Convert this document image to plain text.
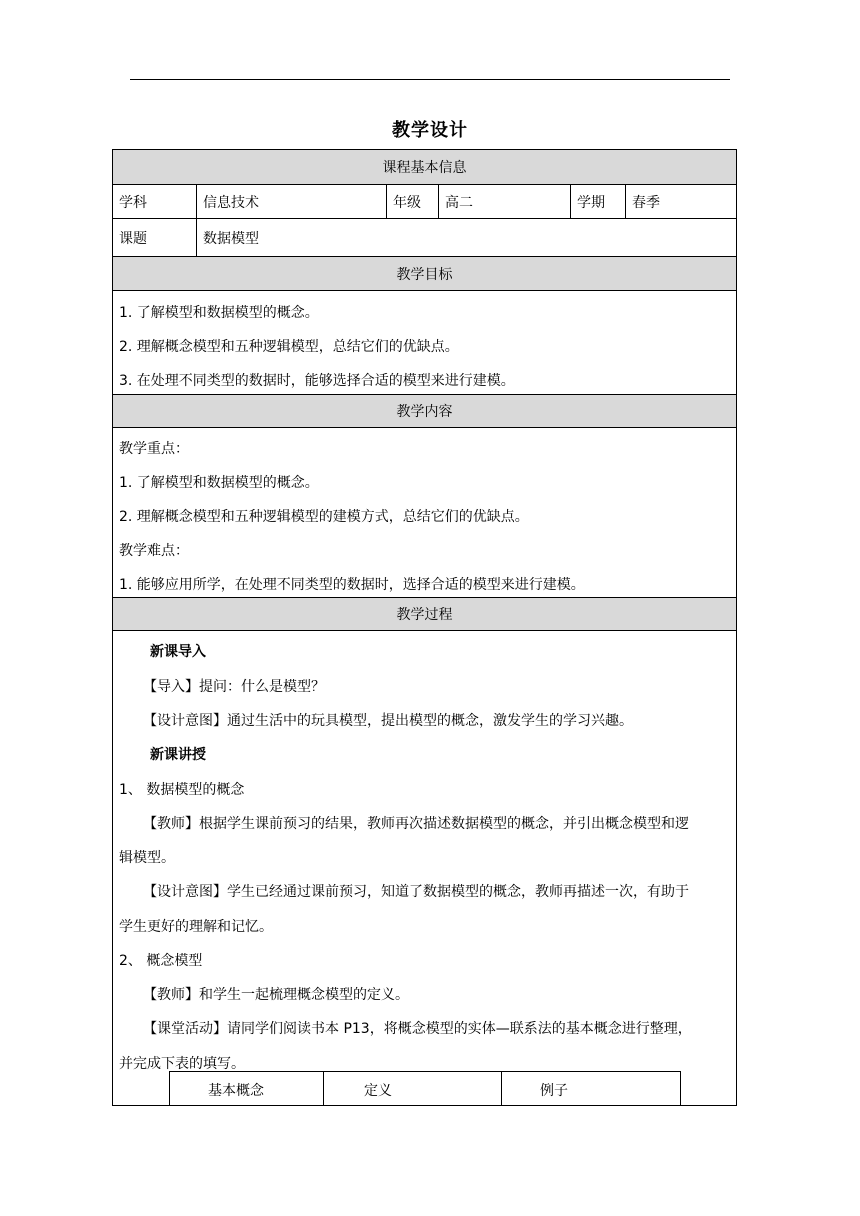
教学设计
课程基本信息
学科	信息技术	年级	高二	学期	春季
课题	数据模型
教学目标
1. 了解模型和数据模型的概念。
2. 理解概念模型和五种逻辑模型，总结它们的优缺点。
3. 在处理不同类型的数据时，能够选择合适的模型来进行建模。
教学内容
教学重点：
1. 了解模型和数据模型的概念。
2. 理解概念模型和五种逻辑模型的建模方式，总结它们的优缺点。
教学难点：
1. 能够应用所学，在处理不同类型的数据时，选择合适的模型来进行建模。
教学过程
新课导入
【导入】提问：什么是模型？
【设计意图】通过生活中的玩具模型，提出模型的概念，激发学生的学习兴趣。
新课讲授
1、 数据模型的概念
【教师】根据学生课前预习的结果，教师再次描述数据模型的概念，并引出概念模型和逻
辑模型。
【设计意图】学生已经通过课前预习，知道了数据模型的概念，教师再描述一次，有助于
学生更好的理解和记忆。
2、 概念模型
【教师】和学生一起梳理概念模型的定义。
【课堂活动】请同学们阅读书本 P13，将概念模型的实体—联系法的基本概念进行整理，
并完成下表的填写。
基本概念	定义	例子
